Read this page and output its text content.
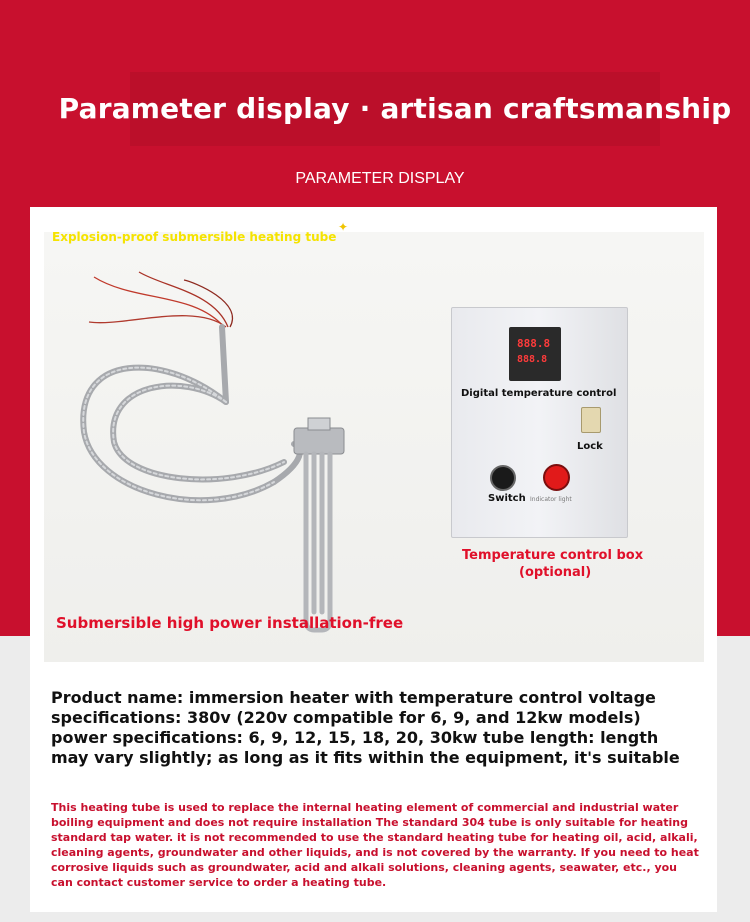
Parameter display · artisan craftsmanship
PARAMETER DISPLAY
Explosion-proof submersible heating tube
✦
888.8
888.8
Digital temperature control
Lock
Switch Indicator light
Temperature control box
(optional)
Submersible high power installation-free
Product name: immersion heater with temperature control voltage
specifications: 380v (220v compatible for 6, 9, and 12kw models)
power specifications: 6, 9, 12, 15, 18, 20, 30kw tube length: length
may vary slightly; as long as it fits within the equipment, it's suitable
This heating tube is used to replace the internal heating element of commercial and industrial water
boiling equipment and does not require installation The standard 304 tube is only suitable for heating
standard tap water. it is not recommended to use the standard heating tube for heating oil, acid, alkali,
cleaning agents, groundwater and other liquids, and is not covered by the warranty. If you need to heat
corrosive liquids such as groundwater, acid and alkali solutions, cleaning agents, seawater, etc., you
can contact customer service to order a heating tube.
